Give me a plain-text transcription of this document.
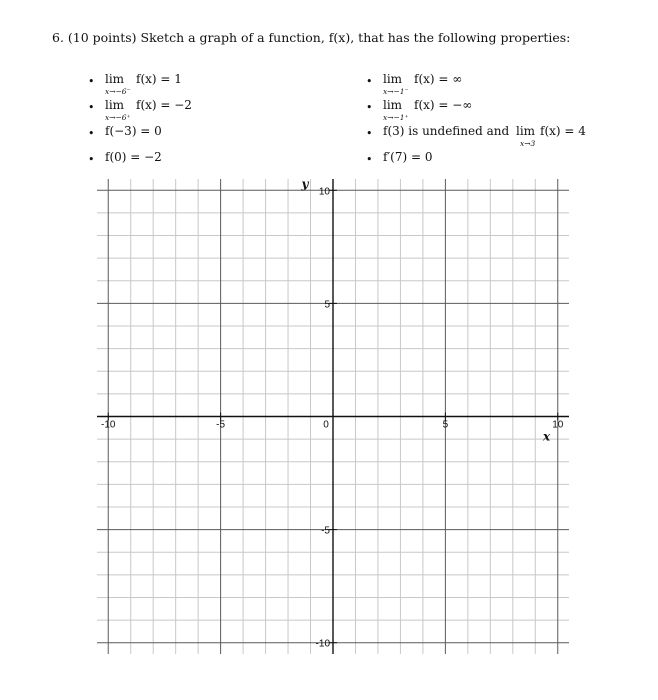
6. (10 points) Sketch a graph of a function, f(x), that has the following properties:
• lim
x→−6⁻
f(x) = 1
• lim
x→−6⁺
f(x) = −2
• f(−3) = 0
• f(0) = −2
• lim
x→−1⁻
f(x) = ∞
• lim
x→−1⁺
f(x) = −∞
• f(3) is undefined and lim
x→3
f(x) = 4
• f′(7) = 0
-10	-5	0	5	10
10
5
-5
-10
x
y
